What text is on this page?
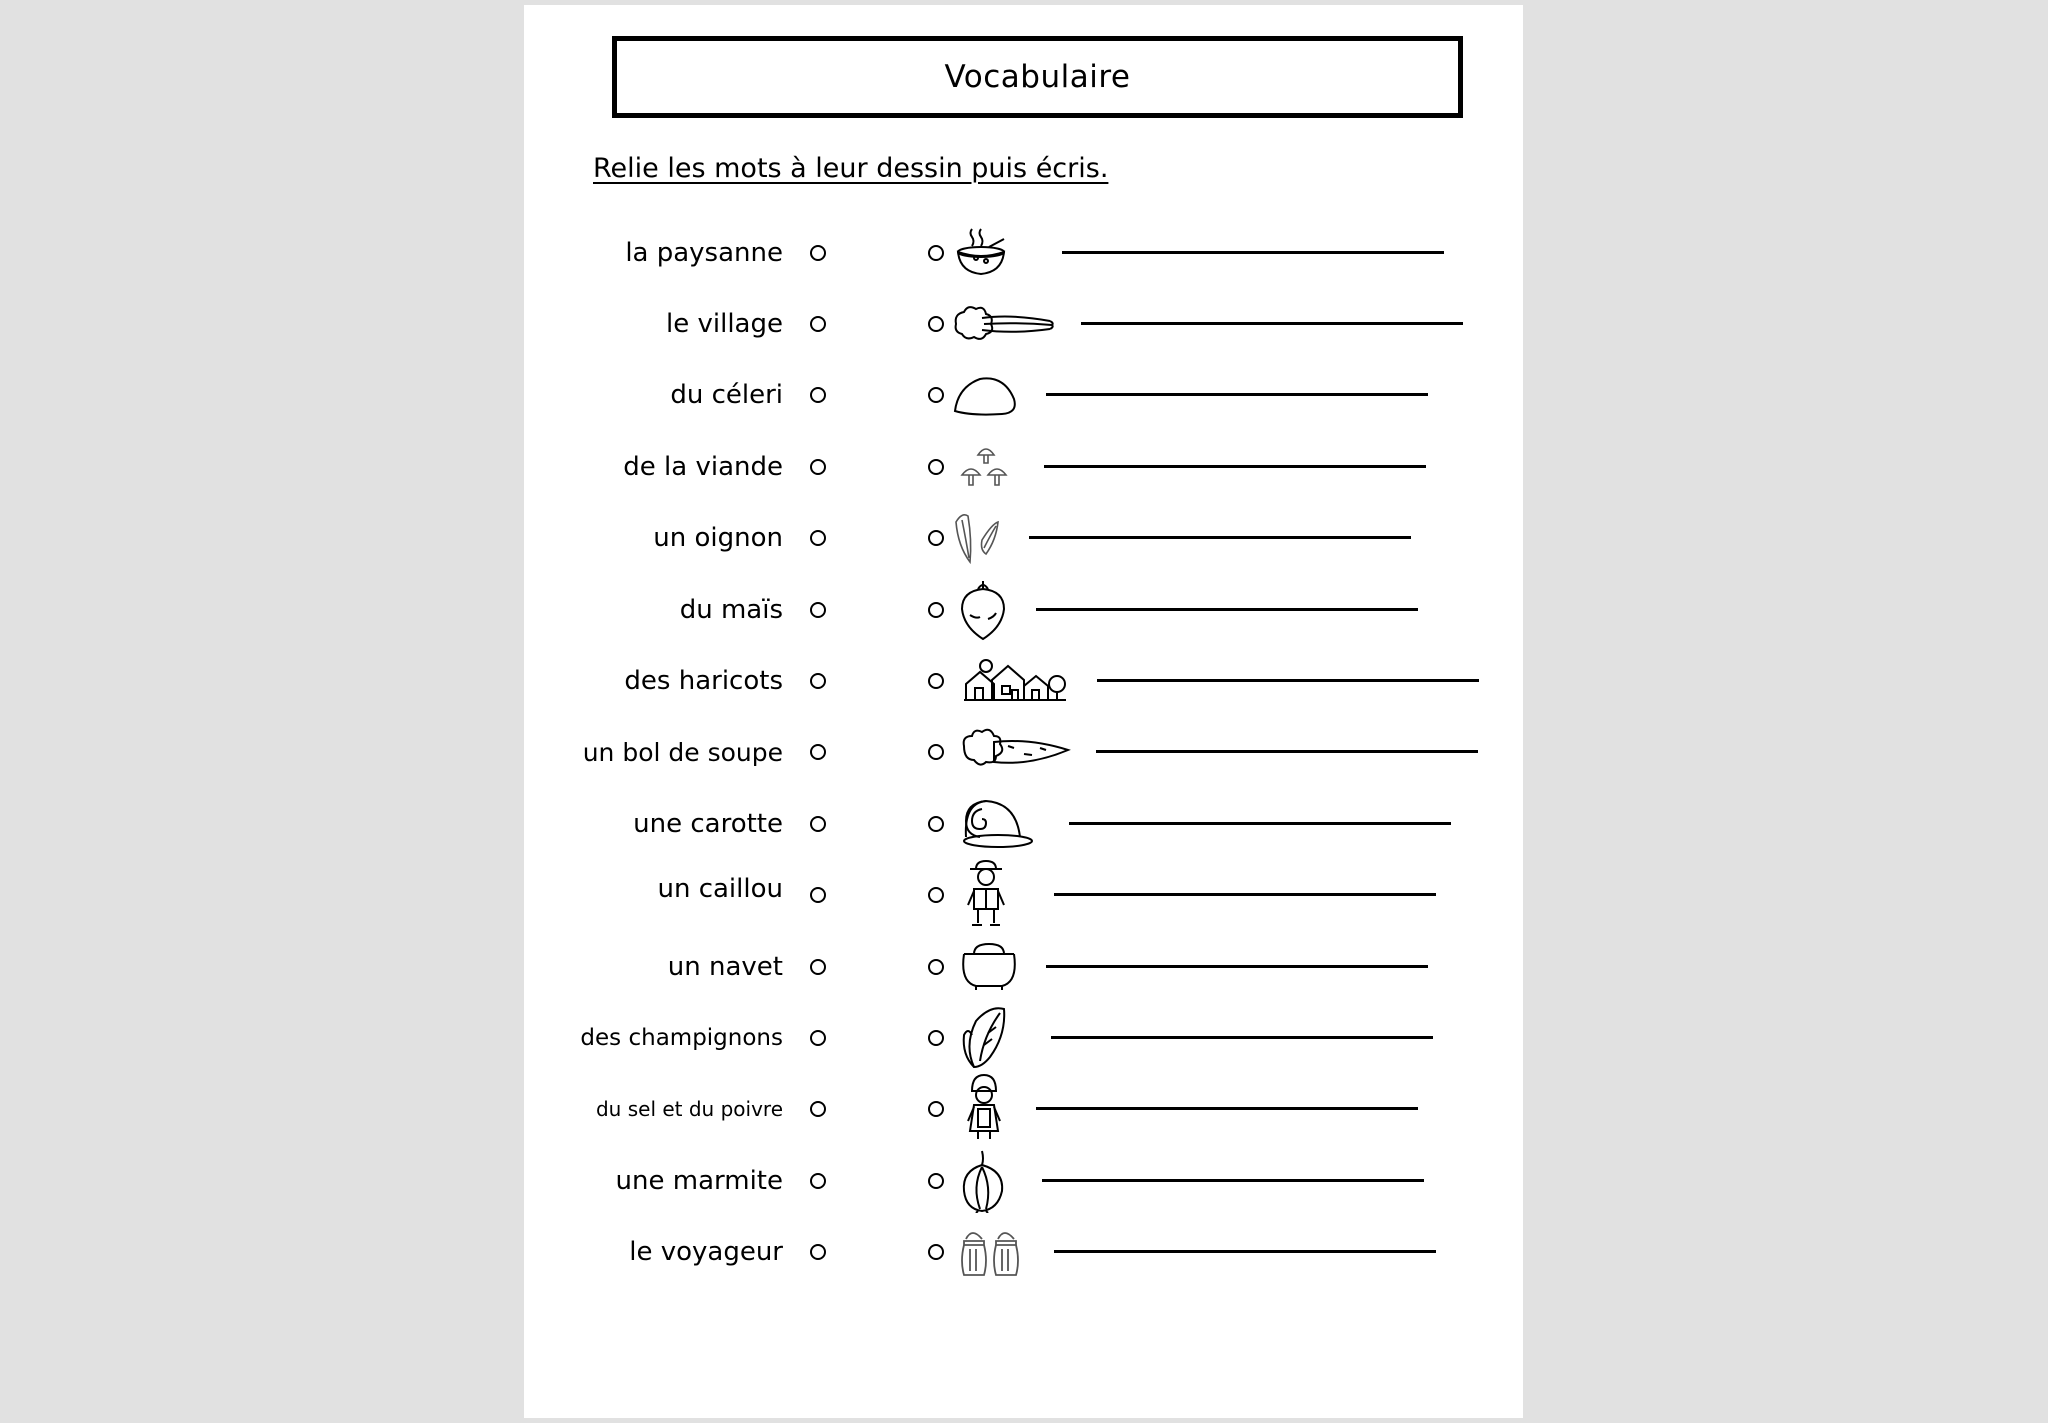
Vocabulaire
Relie les mots à leur dessin puis écris.
la paysanne
le village
du céleri
de la viande
un oignon
du maïs
des haricots
un bol de soupe
une carotte
un caillou
un navet
des champignons
du sel et du poivre
une marmite
le voyageur
